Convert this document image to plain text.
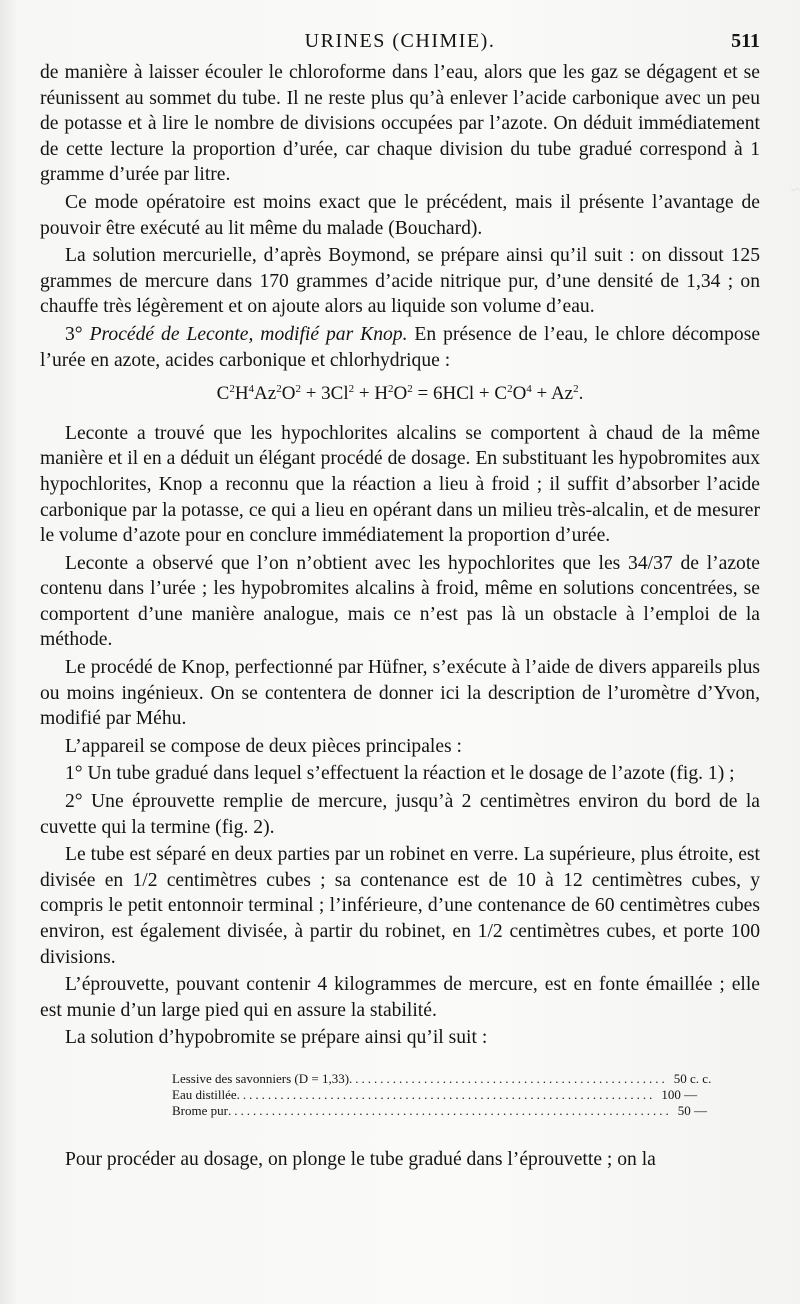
~
URINES (CHIMIE).	511

de manière à laisser écouler le chloroforme dans l’eau, alors que les gaz se dégagent et se réunissent au sommet du tube. Il ne reste plus qu’à enlever l’acide carbonique avec un peu de potasse et à lire le nombre de divisions occupées par l’azote. On déduit immédiatement de cette lecture la proportion d’urée, car chaque division du tube gradué correspond à 1 gramme d’urée par litre.

Ce mode opératoire est moins exact que le précédent, mais il présente l’avantage de pouvoir être exécuté au lit même du malade (Bouchard).

La solution mercurielle, d’après Boymond, se prépare ainsi qu’il suit : on dissout 125 grammes de mercure dans 170 grammes d’acide nitrique pur, d’une densité de 1,34 ; on chauffe très légèrement et on ajoute alors au liquide son volume d’eau.

3° Procédé de Leconte, modifié par Knop. En présence de l’eau, le chlore décompose l’urée en azote, acides carbonique et chlorhydrique :

$C^2H^4Az^2O^2 + 3Cl^2 + H^2O^2 = 6HCl + C^2O^4 + Az^2$.

Leconte a trouvé que les hypochlorites alcalins se comportent à chaud de la même manière et il en a déduit un élégant procédé de dosage. En substituant les hypobromites aux hypochlorites, Knop a reconnu que la réaction a lieu à froid ; il suffit d’absorber l’acide carbonique par la potasse, ce qui a lieu en opérant dans un milieu très-alcalin, et de mesurer le volume d’azote pour en conclure immédiatement la proportion d’urée.

Leconte a observé que l’on n’obtient avec les hypochlorites que les 34/37 de l’azote contenu dans l’urée ; les hypobromites alcalins à froid, même en solutions concentrées, se comportent d’une manière analogue, mais ce n’est pas là un obstacle à l’emploi de la méthode.

Le procédé de Knop, perfectionné par Hüfner, s’exécute à l’aide de divers appareils plus ou moins ingénieux. On se contentera de donner ici la description de l’uromètre d’Yvon, modifié par Méhu.

L’appareil se compose de deux pièces principales :

1° Un tube gradué dans lequel s’effectuent la réaction et le dosage de l’azote (fig. 1) ;

2° Une éprouvette remplie de mercure, jusqu’à 2 centimètres environ du bord de la cuvette qui la termine (fig. 2).

Le tube est séparé en deux parties par un robinet en verre. La supérieure, plus étroite, est divisée en 1/2 centimètres cubes ; sa contenance est de 10 à 12 centimètres cubes, y compris le petit entonnoir terminal ; l’inférieure, d’une contenance de 60 centimètres cubes environ, est également divisée, à partir du robinet, en 1/2 centimètres cubes, et porte 100 divisions.

L’éprouvette, pouvant contenir 4 kilogrammes de mercure, est en fonte émaillée ; elle est munie d’un large pied qui en assure la stabilité.

La solution d’hypobromite se prépare ainsi qu’il suit :

Lessive des savonniers (D = 1,33) ................................................... 50 c. c.
Eau distillée ................................................................... 100 —
Brome pur ....................................................................... 50 —

Pour procéder au dosage, on plonge le tube gradué dans l’éprouvette ; on la
